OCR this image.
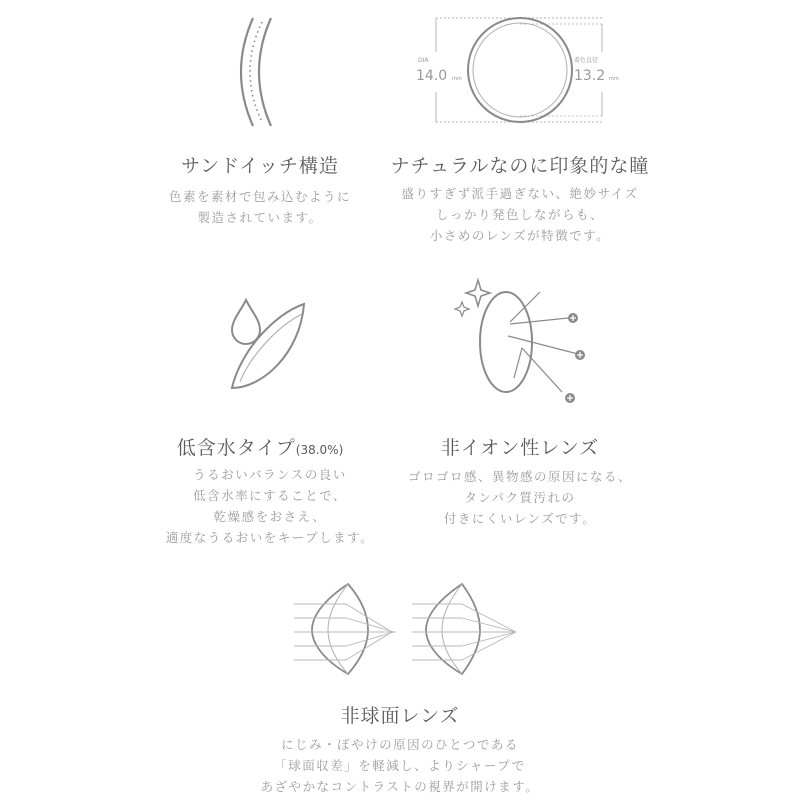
サンドイッチ構造
色素を素材で包み込むように
製造されています。
DIA
14.0 mm
着色直径
13.2 mm
ナチュラルなのに印象的な瞳
盛りすぎず派手過ぎない、絶妙サイズ
しっかり発色しながらも、
小さめのレンズが特徴です。
低含水タイプ(38.0%)
うるおいバランスの良い
低含水率にすることで、
乾燥感をおさえ、
適度なうるおいをキープします。
非イオン性レンズ
ゴロゴロ感、異物感の原因になる、
タンパク質汚れの
付きにくいレンズです。
非球面レンズ
にじみ・ぼやけの原因のひとつである
「球面収差」を軽減し、よりシャープで
あざやかなコントラストの視界が開けます。
